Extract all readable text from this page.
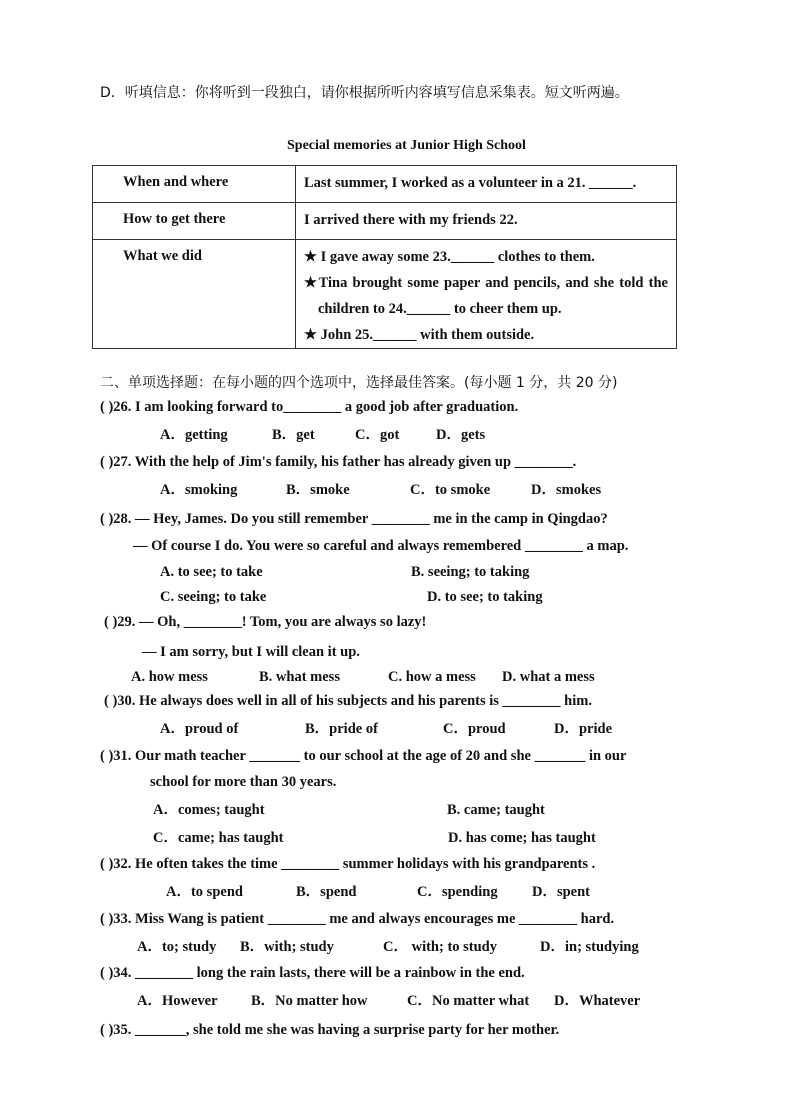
D．听填信息：你将听到一段独白，请你根据所听内容填写信息采集表。短文听两遍。
Special memories at Junior High School
When and where	Last summer, I worked as a volunteer in a 21. ______.

How to get there	I arrived there with my friends 22.

What we did	★ I gave away some 23.______ clothes to them.
★Tina brought some paper and pencils, and she told the
children to 24.______ to cheer them up.
★ John 25.______ with them outside.
二、单项选择题：在每小题的四个选项中，选择最佳答案。(每小题 1 分，共 20 分)
( )26. I am looking forward to________ a good job after graduation.
A．getting	B．get	C．got	D．gets
( )27. With the help of Jim's family, his father has already given up ________.
A．smoking	B．smoke	C．to smoke	D．smokes
( )28. — Hey, James. Do you still remember ________ me in the camp in Qingdao?
— Of course I do. You were so careful and always remembered ________ a map.
A. to see; to take	B. seeing; to taking
C. seeing; to take	D. to see; to taking
( )29. — Oh, ________! Tom, you are always so lazy!
— I am sorry, but I will clean it up.
A. how mess	B. what mess	C. how a mess D. what a mess
( )30. He always does well in all of his subjects and his parents is ________ him.
A．proud of	B．pride of	C．proud	D．pride
( )31. Our math teacher _______ to our school at the age of 20 and she _______ in our
school for more than 30 years.
A．comes; taught	B. came; taught
C．came; has taught	D. has come; has taught
( )32. He often takes the time ________ summer holidays with his grandparents .
A．to spend	B．spend	C．spending D．spent
( )33. Miss Wang is patient ________ me and always encourages me ________ hard.
A．to; study B．with; study	C． with; to study	D．in; studying
( )34. ________ long the rain lasts, there will be a rainbow in the end.
A．However B．No matter how	C．No matter what D．Whatever
( )35. _______, she told me she was having a surprise party for her mother.
